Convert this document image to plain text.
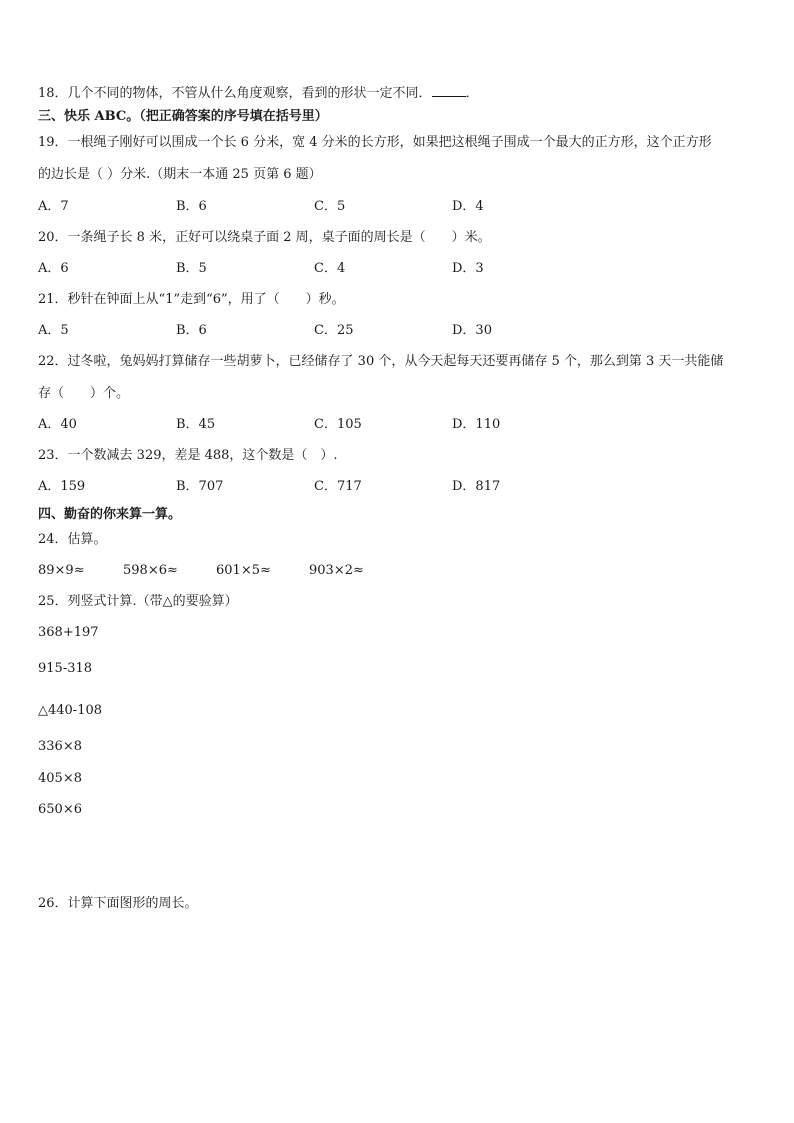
18．几个不同的物体，不管从什么角度观察，看到的形状一定不同．	．
三、快乐 ABC。（把正确答案的序号填在括号里）
19．一根绳子刚好可以围成一个长 6 分米，宽 4 分米的长方形，如果把这根绳子围成一个最大的正方形，这个正方形
的边长是（ ）分米.（期末一本通 25 页第 6 题）
A．7	B．6	C．5	D．4
20．一条绳子长 8 米，正好可以绕桌子面 2 周，桌子面的周长是（　　）米。
A．6	B．5	C．4	D．3
21．秒针在钟面上从“1”走到“6”，用了（　　）秒。
A．5	B．6	C．25	D．30
22．过冬啦，兔妈妈打算储存一些胡萝卜，已经储存了 30 个，从今天起每天还要再储存 5 个，那么到第 3 天一共能储
存（　　）个。
A．40	B．45	C．105	D．110
23．一个数减去 329，差是 488，这个数是（　）.
A．159	B．707	C．717	D．817
四、勤奋的你来算一算。
24．估算。
89×9≈	598×6≈	601×5≈	903×2≈
25．列竖式计算.（带△的要验算）
368+197
915-318
△440-108
336×8
405×8
650×6
26．计算下面图形的周长。
